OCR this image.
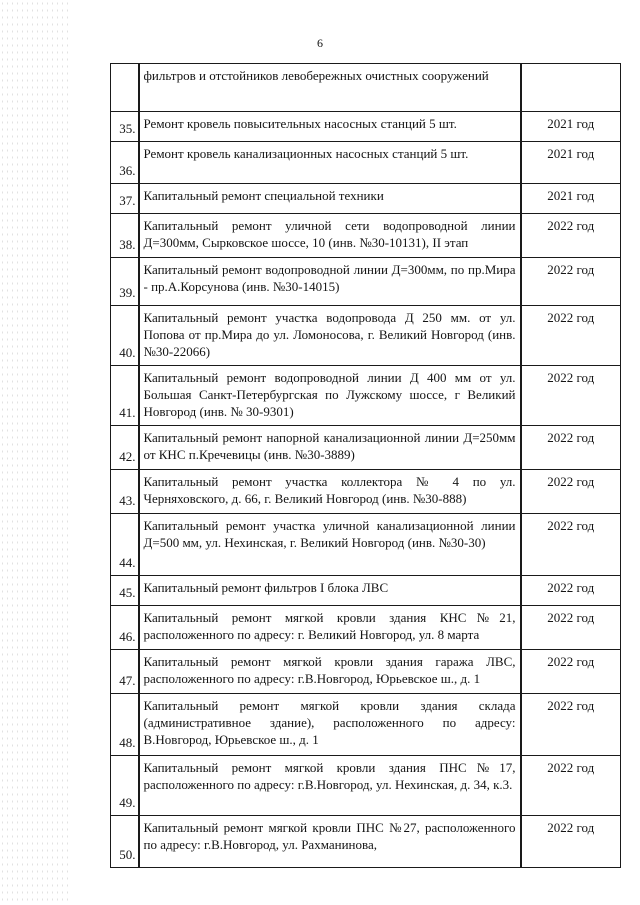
6
	фильтров и отстойников левобережных очистных сооружений	
35.	Ремонт кровель повысительных насосных станций 5 шт.	2021 год
36.	Ремонт кровель канализационных насосных станций 5 шт.	2021 год
37.	Капитальный ремонт специальной техники	2021 год
38.	Капитальный ремонт уличной сети водопроводной линии Д=300мм, Сырковское шоссе, 10 (инв. №30-10131), II этап	2022 год
39.	Капитальный ремонт водопроводной линии Д=300мм, по пр.Мира - пр.А.Корсунова (инв. №30-14015)	2022 год
40.	Капитальный ремонт участка водопровода Д 250 мм. от ул. Попова от пр.Мира до ул. Ломоносова, г. Великий Новгород (инв. №30-22066)	2022 год
41.	Капитальный ремонт водопроводной линии Д 400 мм от ул. Большая Санкт-Петербургская по Лужскому шоссе, г Великий Новгород (инв. № 30-9301)	2022 год
42.	Капитальный ремонт напорной канализационной линии Д=250мм от КНС п.Кречевицы (инв. №30-3889)	2022 год
43.	Капитальный ремонт участка коллектора № 4 по ул. Черняховского, д. 66, г. Великий Новгород (инв. №30-888)	2022 год
44.	Капитальный ремонт участка уличной канализационной линии Д=500 мм, ул. Нехинская, г. Великий Новгород (инв. №30-30)	2022 год
45.	Капитальный ремонт фильтров I блока ЛВС	2022 год
46.	Капитальный ремонт мягкой кровли здания КНС№21, расположенного по адресу: г. Великий Новгород, ул. 8 марта	2022 год
47.	Капитальный ремонт мягкой кровли здания гаража ЛВС, расположенного по адресу: г.В.Новгород, Юрьевское ш., д. 1	2022 год
48.	Капитальный ремонт мягкой кровли здания склада (административное здание), расположенного по адресу: В.Новгород, Юрьевское ш., д. 1	2022 год
49.	Капитальный ремонт мягкой кровли здания ПНС№17, расположенного по адресу: г.В.Новгород, ул. Нехинская, д. 34, к.3.	2022 год
50.	Капитальный ремонт мягкой кровли ПНС №27, расположенного по адресу: г.В.Новгород, ул. Рахманинова,	2022 год
